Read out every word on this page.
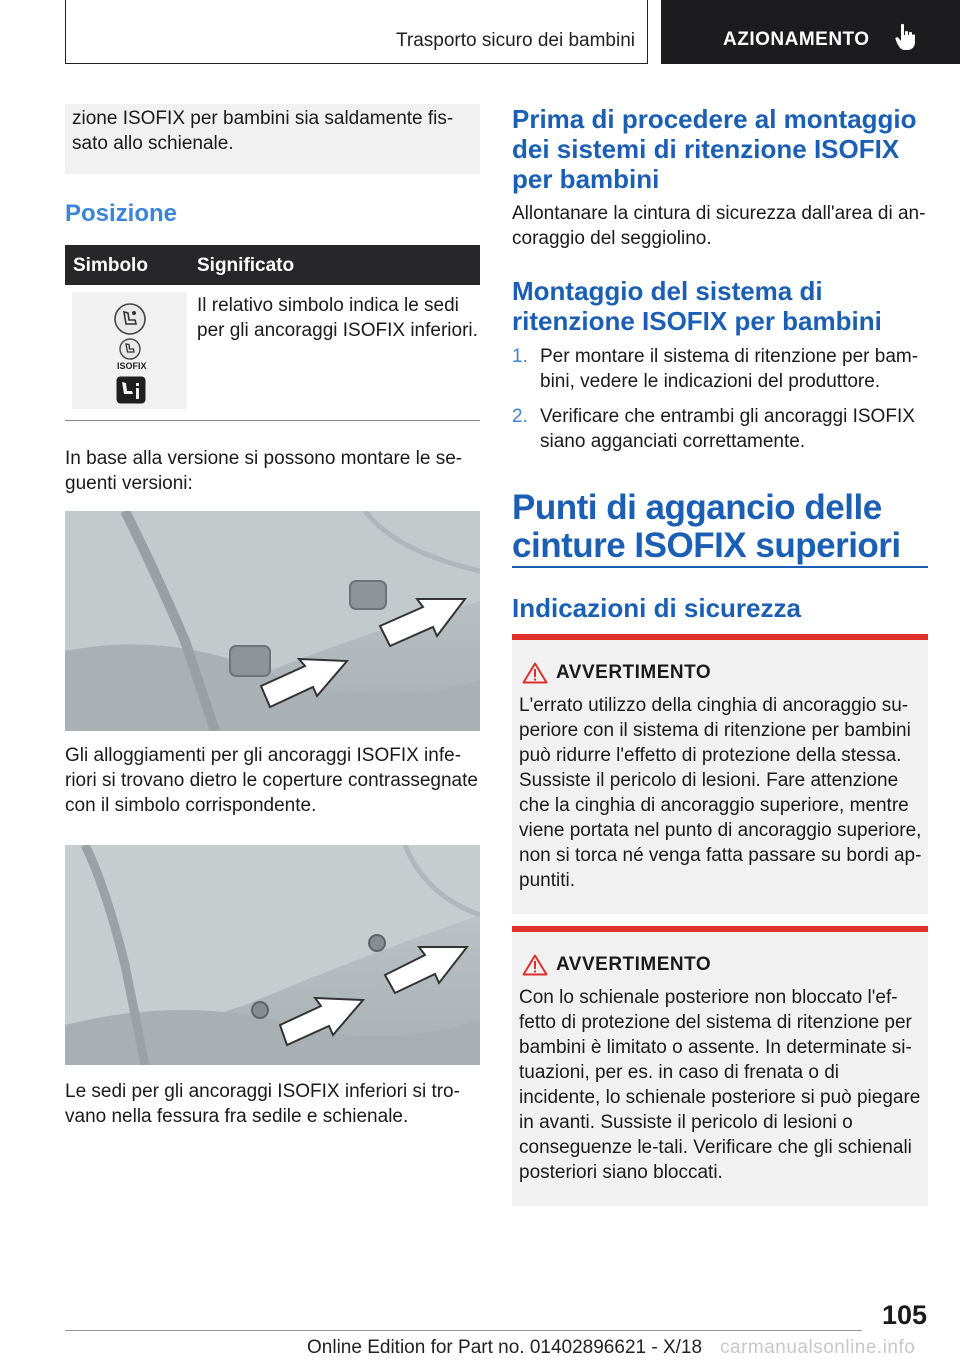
Trasporto sicuro dei bambini	AZIONAMENTO
zione ISOFIX per bambini sia saldamente fis-sato allo schienale.
Posizione
Simbolo	Significato
ISOFIX
Il relativo simbolo indica le sedi per gli ancoraggi ISOFIX inferiori.
In base alla versione si possono montare le se-guenti versioni:
Gli alloggiamenti per gli ancoraggi ISOFIX infe-riori si trovano dietro le coperture contrassegnate con il simbolo corrispondente.
Le sedi per gli ancoraggi ISOFIX inferiori si tro-vano nella fessura fra sedile e schienale.
Prima di procedere al montaggio dei sistemi di ritenzione ISOFIX per bambini
Allontanare la cintura di sicurezza dall'area di an-coraggio del seggiolino.
Montaggio del sistema di ritenzione ISOFIX per bambini
1. Per montare il sistema di ritenzione per bam-bini, vedere le indicazioni del produttore.
2. Verificare che entrambi gli ancoraggi ISOFIX siano agganciati correttamente.
Punti di aggancio delle cinture ISOFIX superiori
Indicazioni di sicurezza
AVVERTIMENTO
L'errato utilizzo della cinghia di ancoraggio su-periore con il sistema di ritenzione per bambini può ridurre l'effetto di protezione della stessa. Sussiste il pericolo di lesioni. Fare attenzione che la cinghia di ancoraggio superiore, mentre viene portata nel punto di ancoraggio superiore, non si torca né venga fatta passare su bordi ap-puntiti.
AVVERTIMENTO
Con lo schienale posteriore non bloccato l'ef-fetto di protezione del sistema di ritenzione per bambini è limitato o assente. In determinate si-tuazioni, per es. in caso di frenata o di incidente, lo schienale posteriore si può piegare in avanti. Sussiste il pericolo di lesioni o conseguenze le-tali. Verificare che gli schienali posteriori siano bloccati.
105
Online Edition for Part no. 01402896621 - X/18 carmanualsonline.info
